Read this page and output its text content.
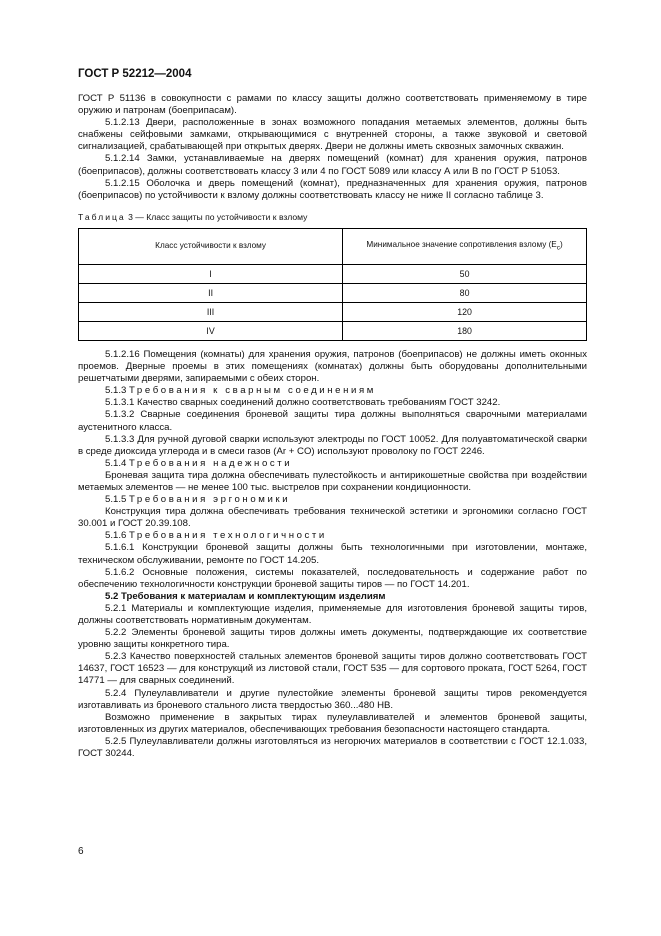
ГОСТ Р 52212—2004

ГОСТ Р 51136 в совокупности с рамами по классу защиты должно соответствовать применяемому в тире оружию и патронам (боеприпасам).

5.1.2.13 Двери, расположенные в зонах возможного попадания метаемых элементов, должны быть снабжены сейфовыми замками, открывающимися с внутренней стороны, а также звуковой и световой сигнализацией, срабатывающей при открытых дверях. Двери не должны иметь сквозных замочных скважин.

5.1.2.14 Замки, устанавливаемые на дверях помещений (комнат) для хранения оружия, патронов (боеприпасов), должны соответствовать классу 3 или 4 по ГОСТ 5089 или классу А или В по ГОСТ Р 51053.

5.1.2.15 Оболочка и дверь помещений (комнат), предназначенных для хранения оружия, патронов (боеприпасов) по устойчивости к взлому должны соответствовать классу не ниже II согласно таблице 3.

Таблица 3 — Класс защиты по устойчивости к взлому
Класс устойчивости к взлому	Минимальное значение сопротивления взлому $(E_c)$
I	50
II	80
III	120
IV	180

5.1.2.16 Помещения (комнаты) для хранения оружия, патронов (боеприпасов) не должны иметь оконных проемов. Дверные проемы в этих помещениях (комнатах) должны быть оборудованы дополнительными решетчатыми дверями, запираемыми с обеих сторон.

5.1.3 Требования к сварным соединениям

5.1.3.1 Качество сварных соединений должно соответствовать требованиям ГОСТ 3242.

5.1.3.2 Сварные соединения броневой защиты тира должны выполняться сварочными материалами аустенитного класса.

5.1.3.3 Для ручной дуговой сварки используют электроды по ГОСТ 10052. Для полуавтоматической сварки в среде диоксида углерода и в смеси газов (Ar + CO) используют проволоку по ГОСТ 2246.

5.1.4 Требования надежности

Броневая защита тира должна обеспечивать пулестойкость и антирикошетные свойства при воздействии метаемых элементов — не менее 100 тыс. выстрелов при сохранении кондиционности.

5.1.5 Требования эргономики

Конструкция тира должна обеспечивать требования технической эстетики и эргономики согласно ГОСТ 30.001 и ГОСТ 20.39.108.

5.1.6 Требования технологичности

5.1.6.1 Конструкции броневой защиты должны быть технологичными при изготовлении, монтаже, техническом обслуживании, ремонте по ГОСТ 14.205.

5.1.6.2 Основные положения, системы показателей, последовательность и содержание работ по обеспечению технологичности конструкции броневой защиты тиров — по ГОСТ 14.201.

5.2 Требования к материалам и комплектующим изделиям

5.2.1 Материалы и комплектующие изделия, применяемые для изготовления броневой защиты тиров, должны соответствовать нормативным документам.

5.2.2 Элементы броневой защиты тиров должны иметь документы, подтверждающие их соответствие уровню защиты конкретного тира.

5.2.3 Качество поверхностей стальных элементов броневой защиты тиров должно соответствовать ГОСТ 14637, ГОСТ 16523 — для конструкций из листовой стали, ГОСТ 535 — для сортового проката, ГОСТ 5264, ГОСТ 14771 — для сварных соединений.

5.2.4 Пулеулавливатели и другие пулестойкие элементы броневой защиты тиров рекомендуется изготавливать из броневого стального листа твердостью 360...480 HB.

Возможно применение в закрытых тирах пулеулавливателей и элементов броневой защиты, изготовленных из других материалов, обеспечивающих требования безопасности настоящего стандарта.

5.2.5 Пулеулавливатели должны изготовляться из негорючих материалов в соответствии с ГОСТ 12.1.033, ГОСТ 30244.

6
